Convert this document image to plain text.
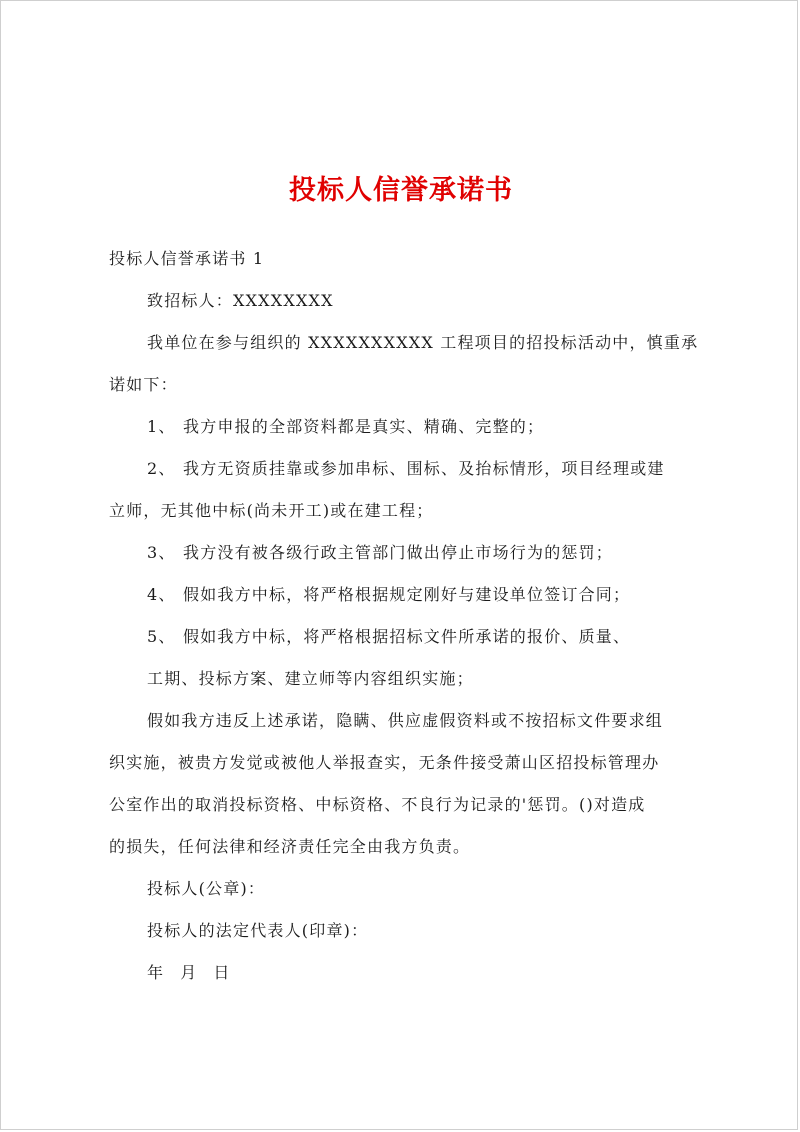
投标人信誉承诺书
投标人信誉承诺书 1
致招标人：XXXXXXXX
我单位在参与组织的 XXXXXXXXXX 工程项目的招投标活动中，慎重承
诺如下：
1、 我方申报的全部资料都是真实、精确、完整的；
2、 我方无资质挂靠或参加串标、围标、及抬标情形，项目经理或建
立师，无其他中标(尚未开工)或在建工程；
3、 我方没有被各级行政主管部门做出停止市场行为的惩罚；
4、 假如我方中标，将严格根据规定刚好与建设单位签订合同；
5、 假如我方中标，将严格根据招标文件所承诺的报价、质量、
工期、投标方案、建立师等内容组织实施；
假如我方违反上述承诺，隐瞒、供应虚假资料或不按招标文件要求组
织实施，被贵方发觉或被他人举报查实，无条件接受萧山区招投标管理办
公室作出的取消投标资格、中标资格、不良行为记录的'惩罚。()对造成
的损失，任何法律和经济责任完全由我方负责。
投标人(公章)：
投标人的法定代表人(印章)：
年 月 日
